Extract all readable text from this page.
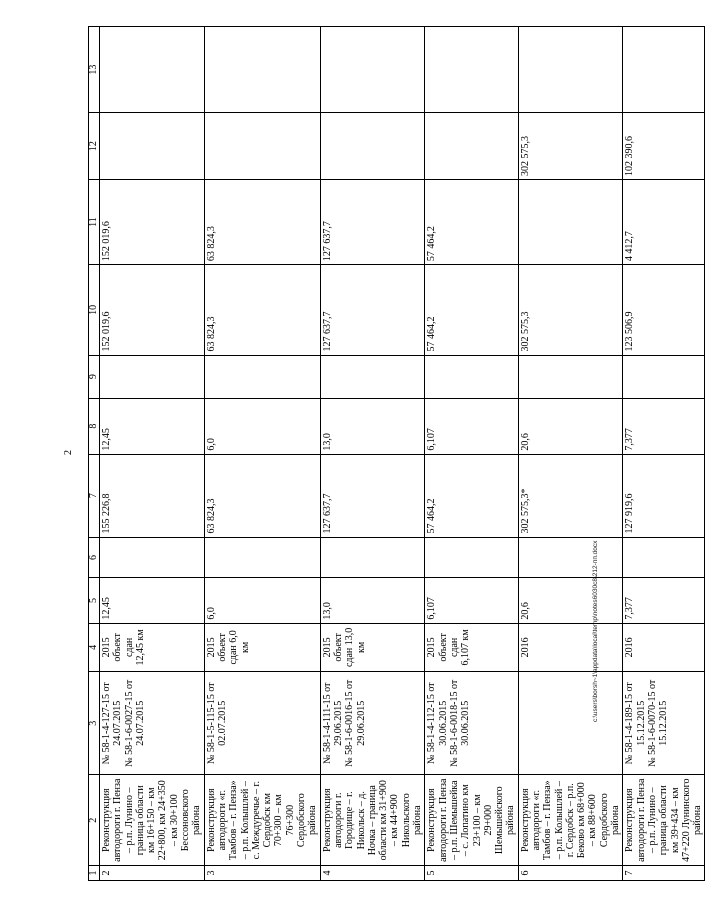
2
c:\users\borsh~1\appdata\local\temp\notes6030c8\212-пп.docx
1	2	3	4	5	6	7	8	9	10	11	12	13
2	Реконструкция автодороги г. Пенза – р.п. Лунино – граница области км 16+150 – км 22+800, км 24+350 – км 30+100 Бессоновского района	№ 58-1-4-127-15 от 24.07.2015
№ 58-1-6-0027-15 от 24.07.2015	2015 объект сдан 12,45 км	12,45		155 226,8	12,45		152 019,6	152 019,6		
3	Реконструкция автодороги «г. Тамбов – г. Пенза» – р.п. Колышлей – с. Междуречье – г. Сердобск км 70+300 – км 76+300 Сердобского района	№ 58-1-5-115-15 от 02.07.2015	2015 объект сдан 6,0 км	6,0		63 824,3	6,0		63 824,3	63 824,3		
4	Реконструкция автодороги г. Городище – г. Никольск – д. Ночка – граница области км 31+900 – км 44+900 Никольского района	№ 58-1-4-111-15 от 29.06.2015
№ 58-1-6-0016-15 от 29.06.2015	2015 объект сдан 13,0 км	13,0		127 637,7	13,0		127 637,7	127 637,7		
5	Реконструкция автодороги г. Пенза – р.п. Шемышейка – с. Лопатино км 23+100 – км 29+000 Шемышейского района	№ 58-1-4-112-15 от 30.06.2015
№ 58-1-6-0018-15 от 30.06.2015	2015 объект сдан 6,107 км	6,107		57 464,2	6,107		57 464,2	57 464,2		
6	Реконструкция автодороги «г. Тамбов – г. Пенза» – р.п. Колышлей – г. Сердобск – р.п. Беково км 68+000 – км 88+600 Сердобского района		2016	20,6		302 575,3*	20,6		302 575,3		302 575,3	
7	Реконструкция автодороги г. Пенза – р.п. Лунино – граница области км 39+434 – км 47+220 Лунинского района	№ 58-1-4-189-15 от 15.12.2015
№ 58-1-6-0070-15 от 15.12.2015	2016	7,377		127 919,6	7,377		123 506,9	4 412,7	102 390,6	
